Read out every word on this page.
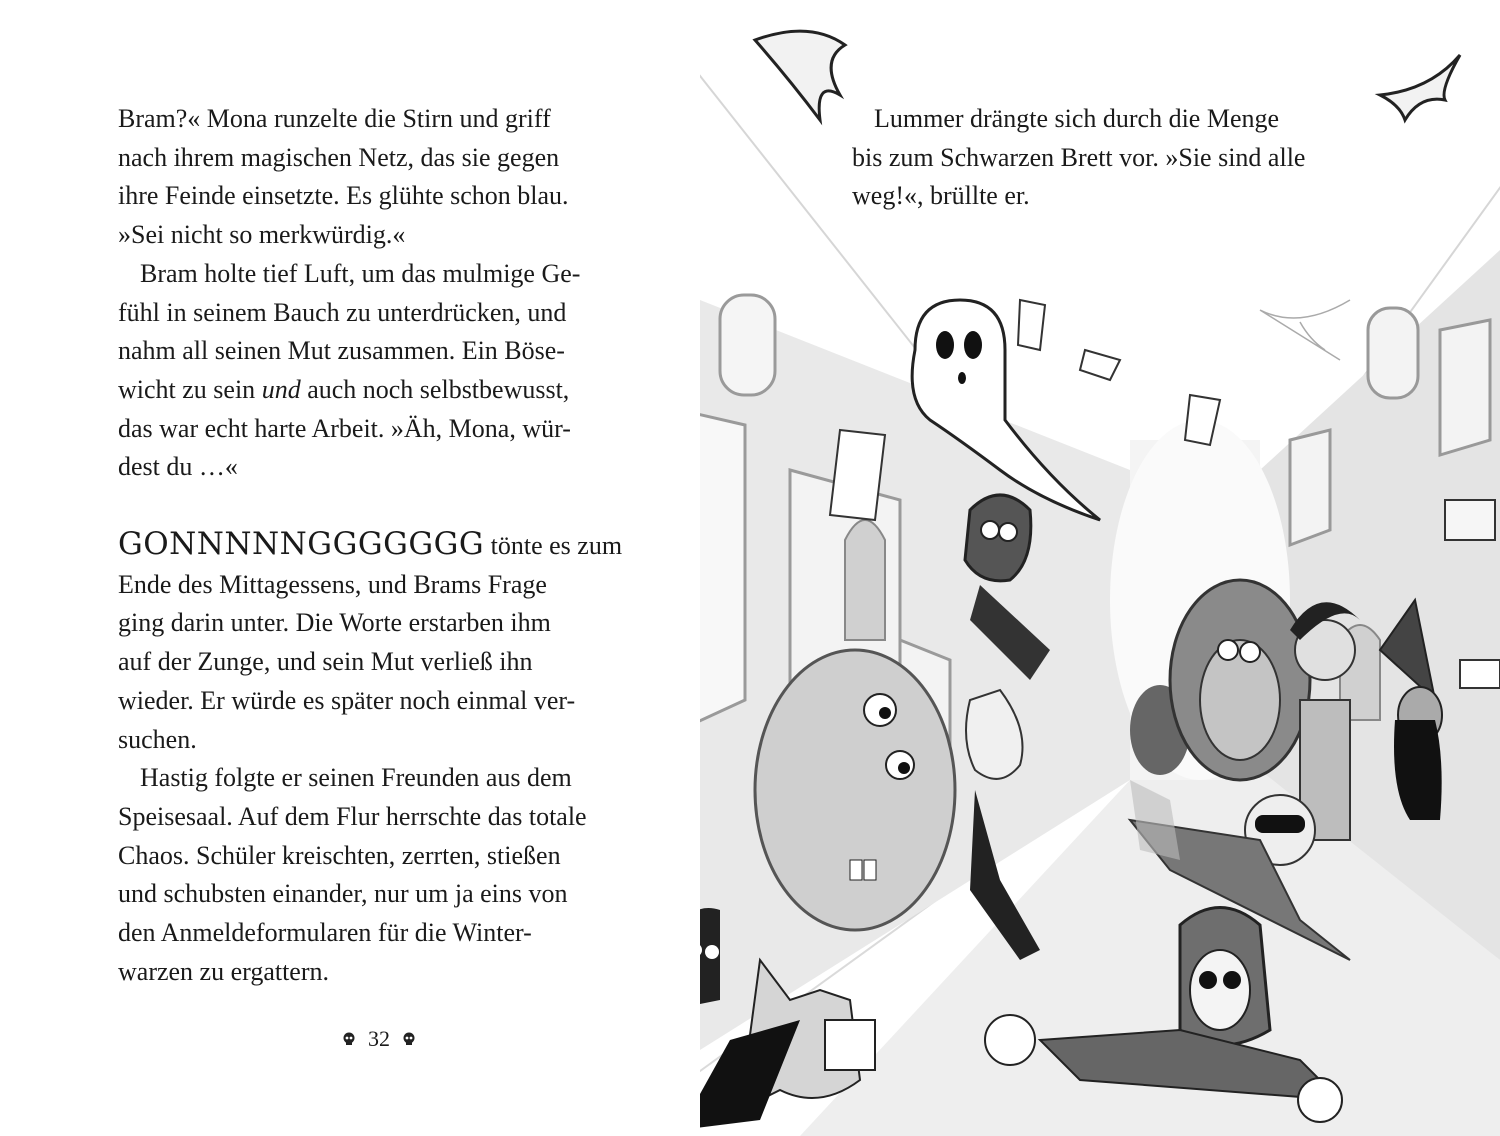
Bram?« Mona runzelte die Stirn und griff
nach ihrem magischen Netz, das sie gegen
ihre Feinde einsetzte. Es glühte schon blau.
»Sei nicht so merkwürdig.«

Bram holte tief Luft, um das mulmige Ge-
fühl in seinem Bauch zu unterdrücken, und
nahm all seinen Mut zusammen. Ein Böse-
wicht zu sein und auch noch selbstbewusst,
das war echt harte Arbeit. »Äh, Mona, wür-
dest du …«

GONNNNNGGGGGGG tönte es zum
Ende des Mittagessens, und Brams Frage
ging darin unter. Die Worte erstarben ihm
auf der Zunge, und sein Mut verließ ihn
wieder. Er würde es später noch einmal ver-
suchen.

Hastig folgte er seinen Freunden aus dem
Speisesaal. Auf dem Flur herrschte das totale
Chaos. Schüler kreischten, zerrten, stießen
und schubsten einander, nur um ja eins von
den Anmeldeformularen für die Winter-
warzen zu ergattern.

32
Lummer drängte sich durch die Menge
bis zum Schwarzen Brett vor. »Sie sind alle
weg!«, brüllte er.
